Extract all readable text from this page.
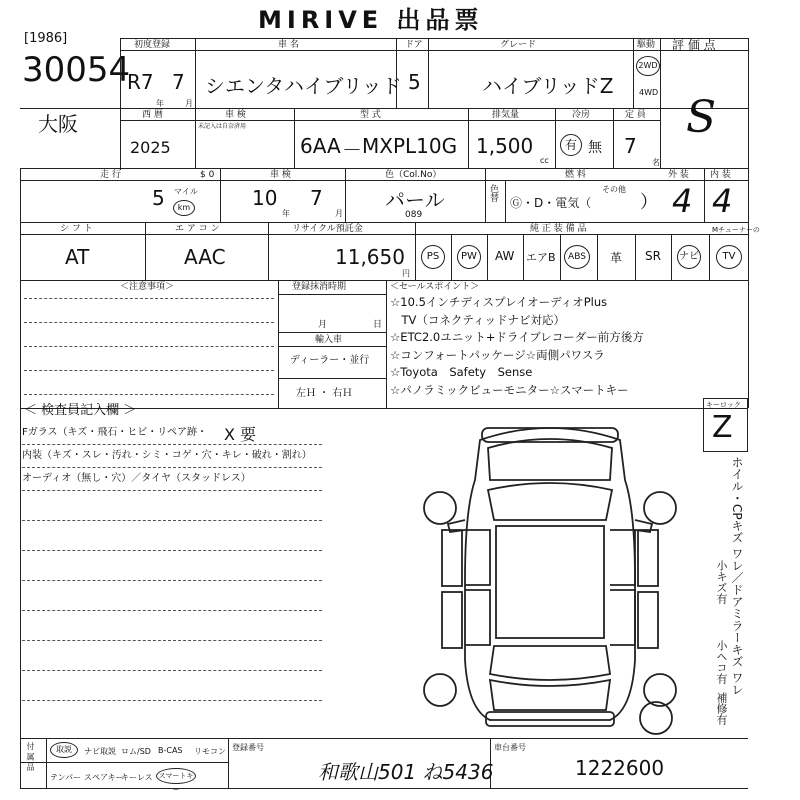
MIRIVE 出品票
[1986]
30054
大阪
初度登録
R7 7
年	月
車 名
シエンタハイブリッド
ドア
5
グレード
ハイブリッドZ
駆動
2WD
4WD
評 価 点
S
西 暦
2025
車 検
未記入は自奈済用
型 式
6AA － MXPL10G
排気量
1,500
cc
冷房
有 無
定 員
7
名
走 行	$ 0
5 マイル
km
車 検
10
年
7
月
色（Col.No）
パール
089
色替
燃 料
その他
Ⓖ・D・電気（	）
外 装
4
内 装
4
シ フ ト
AT
エ ア コ ン
AAC
リサイクル預託金
11,650
円
純 正 装 備 品	Mチューナーの
PS	PW	AW エアB	ABS	革 SR ナビ	TV
＜注意事項＞	登録抹消時期
月	日
輸入車
ディーラー・並行
左Ｈ ・ 右Ｈ
＜セールスポイント＞
☆10.5インチディスプレイオーディオPlus
　TV（コネクティッドナビ対応）
☆ETC2.0ユニット+ドライブレコーダー前方後方
☆コンフォートパッケージ☆両側パワスラ
☆Toyota　Safety　Sense
☆パノラミックビューモニター☆スマートキー
＜ 検査員記入欄 ＞
Fガラス（キズ・飛石・ヒビ・リペア跡・ X 要
内装（キズ・スレ・汚れ・シミ・コゲ・穴・キレ・破れ・割れ）
オーディオ（無し・穴）／タイヤ（スタッドレス）
キーロック
Z
ホイル・CPキズ ワレ／ドアミラーキズ ワレ
小キズ有
小ヘコ有
補修有
付 属 品	取説	ナビ取説 ロム/SD B-CAS リモコン
テンパー スペアキー
キーレス スマートキー
登録番号
和歌山501 ね5436
車台番号
1222600
